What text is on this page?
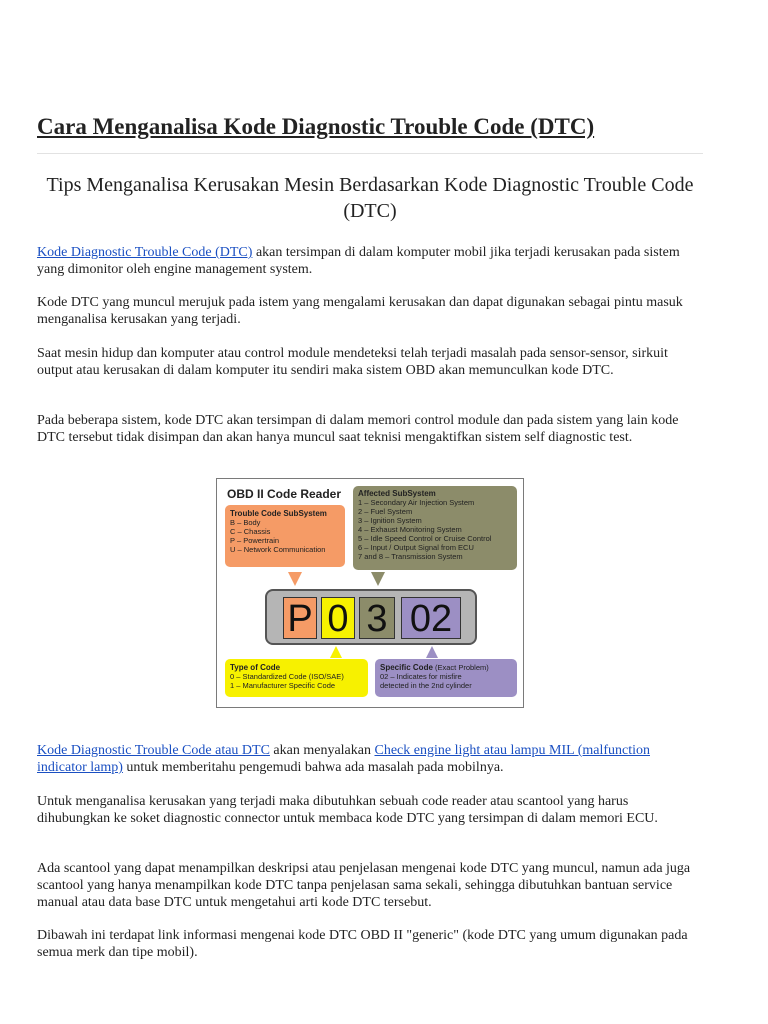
Cara Menganalisa Kode Diagnostic Trouble Code (DTC)
Tips Menganalisa Kerusakan Mesin Berdasarkan Kode Diagnostic Trouble Code (DTC)

Kode Diagnostic Trouble Code (DTC) akan tersimpan di dalam komputer mobil jika terjadi kerusakan pada sistem yang dimonitor oleh engine management system.

Kode DTC yang muncul merujuk pada istem yang mengalami kerusakan dan dapat digunakan sebagai pintu masuk menganalisa kerusakan yang terjadi.

Saat mesin hidup dan komputer atau control module mendeteksi telah terjadi masalah pada sensor-sensor, sirkuit output atau kerusakan di dalam komputer itu sendiri maka sistem OBD akan memunculkan kode DTC.

Pada beberapa sistem, kode DTC akan tersimpan di dalam memori control module dan pada sistem yang lain kode DTC tersebut tidak disimpan dan akan hanya muncul saat teknisi mengaktifkan sistem self diagnostic test.

Kode Diagnostic Trouble Code atau DTC akan menyalakan Check engine light atau lampu MIL (malfunction indicator lamp) untuk memberitahu pengemudi bahwa ada masalah pada mobilnya.

Untuk menganalisa kerusakan yang terjadi maka dibutuhkan sebuah code reader atau scantool yang harus dihubungkan ke soket diagnostic connector untuk membaca kode DTC yang tersimpan di dalam memori ECU.

Ada scantool yang dapat menampilkan deskripsi atau penjelasan mengenai kode DTC yang muncul, namun ada juga scantool yang hanya menampilkan kode DTC tanpa penjelasan sama sekali, sehingga dibutuhkan bantuan service manual atau data base DTC untuk mengetahui arti kode DTC tersebut.

Dibawah ini terdapat link informasi mengenai kode DTC OBD II "generic" (kode DTC yang umum digunakan pada semua merk dan tipe mobil).

OBD II Code Reader
Trouble Code SubSystem
B – Body
C – Chassis
P – Powertrain
U – Network Communication
Affected SubSystem
1 – Secondary Air Injection System
2 – Fuel System
3 – Ignition System
4 – Exhaust Monitoring System
5 – Idle Speed Control or Cruise Control
6 – Input / Output Signal from ECU
7 and 8 – Transmission System
P 0 3 02
Type of Code
0 – Standardized Code (ISO/SAE)
1 – Manufacturer Specific Code
Specific Code (Exact Problem)
02 – Indicates for misfire
detected in the 2nd cylinder
